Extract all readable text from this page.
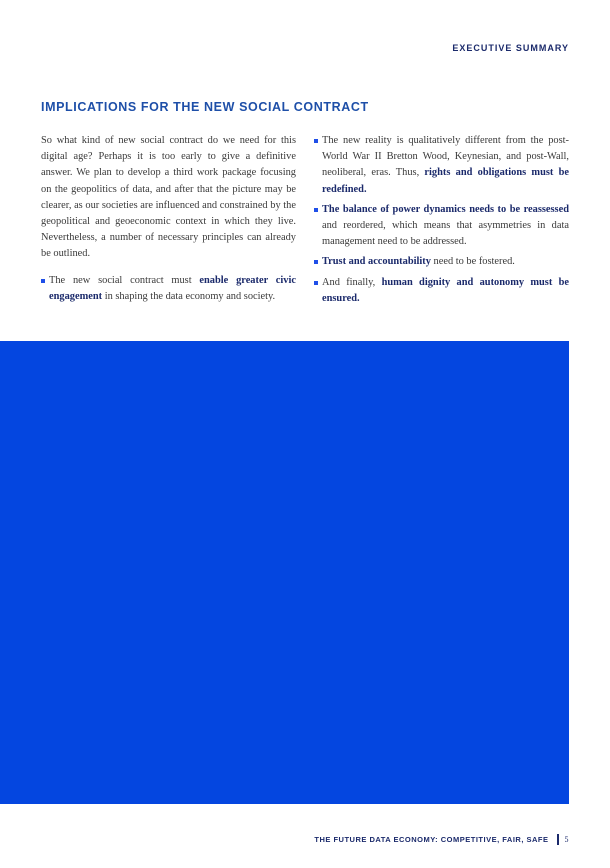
EXECUTIVE SUMMARY
IMPLICATIONS FOR THE NEW SOCIAL CONTRACT

So what kind of new social contract do we need for this digital age? Perhaps it is too early to give a definitive answer. We plan to develop a third work package focusing on the geopolitics of data, and after that the picture may be clearer, as our societies are influenced and constrained by the geopolitical and geoeconomic context in which they live. Nevertheless, a number of necessary principles can already be outlined.

The new social contract must enable greater civic engagement in shaping the data economy and society.
The new reality is qualitatively different from the post-World War II Bretton Wood, Keynesian, and post-Wall, neoliberal, eras. Thus, rights and obligations must be redefined.
The balance of power dynamics needs to be reassessed and reordered, which means that asymmetries in data management need to be addressed.
Trust and accountability need to be fostered.
And finally, human dignity and autonomy must be ensured.
THE FUTURE DATA ECONOMY: COMPETITIVE, FAIR, SAFE 5
